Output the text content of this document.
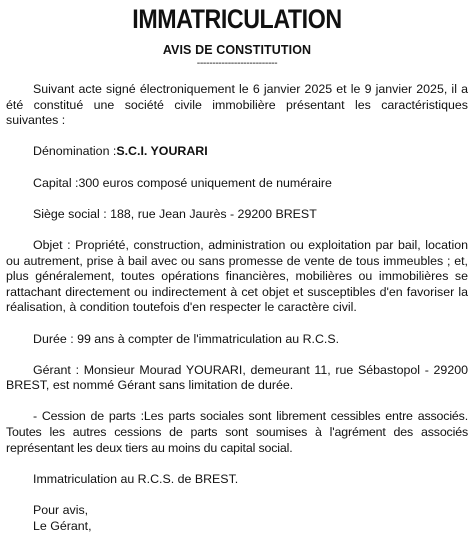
IMMATRICULATION
AVIS DE CONSTITUTION
--------------------------

Suivant acte signé électroniquement le 6 janvier 2025 et le 9 janvier 2025, il a été constitué une société civile immobilière présentant les caractéristiques suivantes :

Dénomination :S.C.I. YOURARI

Capital :300 euros composé uniquement de numéraire

Siège social : 188, rue Jean Jaurès - 29200 BREST

Objet : Propriété, construction, administration ou exploitation par bail, location ou autrement, prise à bail avec ou sans promesse de vente de tous immeubles ; et, plus généralement, toutes opérations financières, mobilières ou immobilières se rattachant directement ou indirectement à cet objet et susceptibles d'en favoriser la réalisation, à condition toutefois d'en respecter le caractère civil.

Durée : 99 ans à compter de l'immatriculation au R.C.S.

Gérant : Monsieur Mourad YOURARI, demeurant 11, rue Sébastopol - 29200 BREST, est nommé Gérant sans limitation de durée.

- Cession de parts :Les parts sociales sont librement cessibles entre associés. Toutes les autres cessions de parts sont soumises à l'agrément des associés représentant les deux tiers au moins du capital social.

Immatriculation au R.C.S. de BREST.

Pour avis,

Le Gérant,
